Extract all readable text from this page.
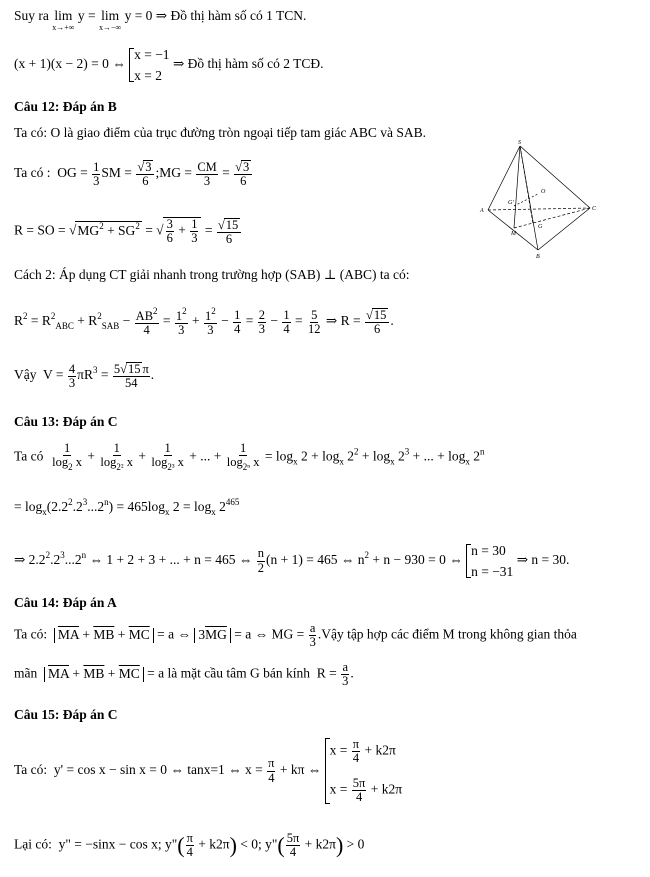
Suy ra lim
x→+∞
y = lim
x→−∞
y = 0 ⇒ Đồ thị hàm số có 1 TCN.
(x + 1)(x − 2) = 0 ⇔
x = −1
x = 2
⇒ Đồ thị hàm số có 2 TCĐ.
Câu 12: Đáp án B
Ta có: O là giao điểm của trục đường tròn ngoại tiếp tam giác ABC và SAB.
Ta có :  OG = $\frac{1}{3}$ SM = $\frac{√3}{6}$ ;MG = $\frac{CM}{3} = \frac{√3}{6}$
R = SO = $√MG^2 + SG^2$ = √ $\frac{3}{6} + \frac{1}{3} = \frac{√15}{6}$
Cách 2: Áp dụng CT giải nhanh trong trường hợp (SAB) ⊥ (ABC) ta có:
$R^2 = R^2_{ABC} + R^2_{SAB} - \frac{AB^2}{4} = \frac{1^2}{3} + \frac{1^2}{3} - \frac{1}{4} = \frac{2}{3} - \frac{1}{4} = \frac{5}{12}$ ⇒ $R = \frac{√15}{6}$ .
Vậy  $V = \frac{4}{3} \pi R^3 = \frac{5√15 \pi}{54}$ .
S
O
G'
A	C
M
G
B
Câu 13: Đáp án C
Ta có $\frac{1}{\log_2 x} + \frac{1}{\log_{2^2} x} + \frac{1}{\log_{2^3} x}$ + ... + $\frac{1}{\log_{2^n} x} = \log_x 2 + \log_x 2^2 + \log_x 2^3$ + ... + $\log_x 2^n$
= $\log_x(2.2^2.2^3...2^n) = 465\log_x$ $2 = \log_x 2^{465}$
⇒ $2.2^2.2^3...2^n$ ⇔ 1 + 2 + 3 + ... + n = 465 ⇔ $\frac{n}{2} (n + 1) = 465$ ⇔ $n^2 + n - 930 = 0$ ⇔
n = 30
n = −31
⇒ n = 30.
Câu 14: Đáp án A
Ta có: $\overline{MA} + \overline{MB} + \overline{MC} = a$ ⇔ $3\overline{MG} = a$ ⇔ MG = $\frac{a}{3}$ .Vậy tập hợp các điểm M trong không gian thỏa
mãn $\overline{MA} + \overline{MB} + \overline{MC} = a$ là mặt cầu tâm G bán kính  $R = \frac{a}{3}$ .
Câu 15: Đáp án C
Ta có:  y' = cos x − sin x = 0 ⇔ tanx=1 ⇔ $x = \frac{\pi}{4} + k\pi$ ⇔
$x = \frac{\pi}{4} + k2\pi$
$x = \frac{5\pi}{4} + k2\pi$
Lại có:  y" = −sinx − cos x; y"( $\frac{\pi}{4} + k2\pi) < 0$; y"( $\frac{5\pi}{4} + k2\pi) > 0$
